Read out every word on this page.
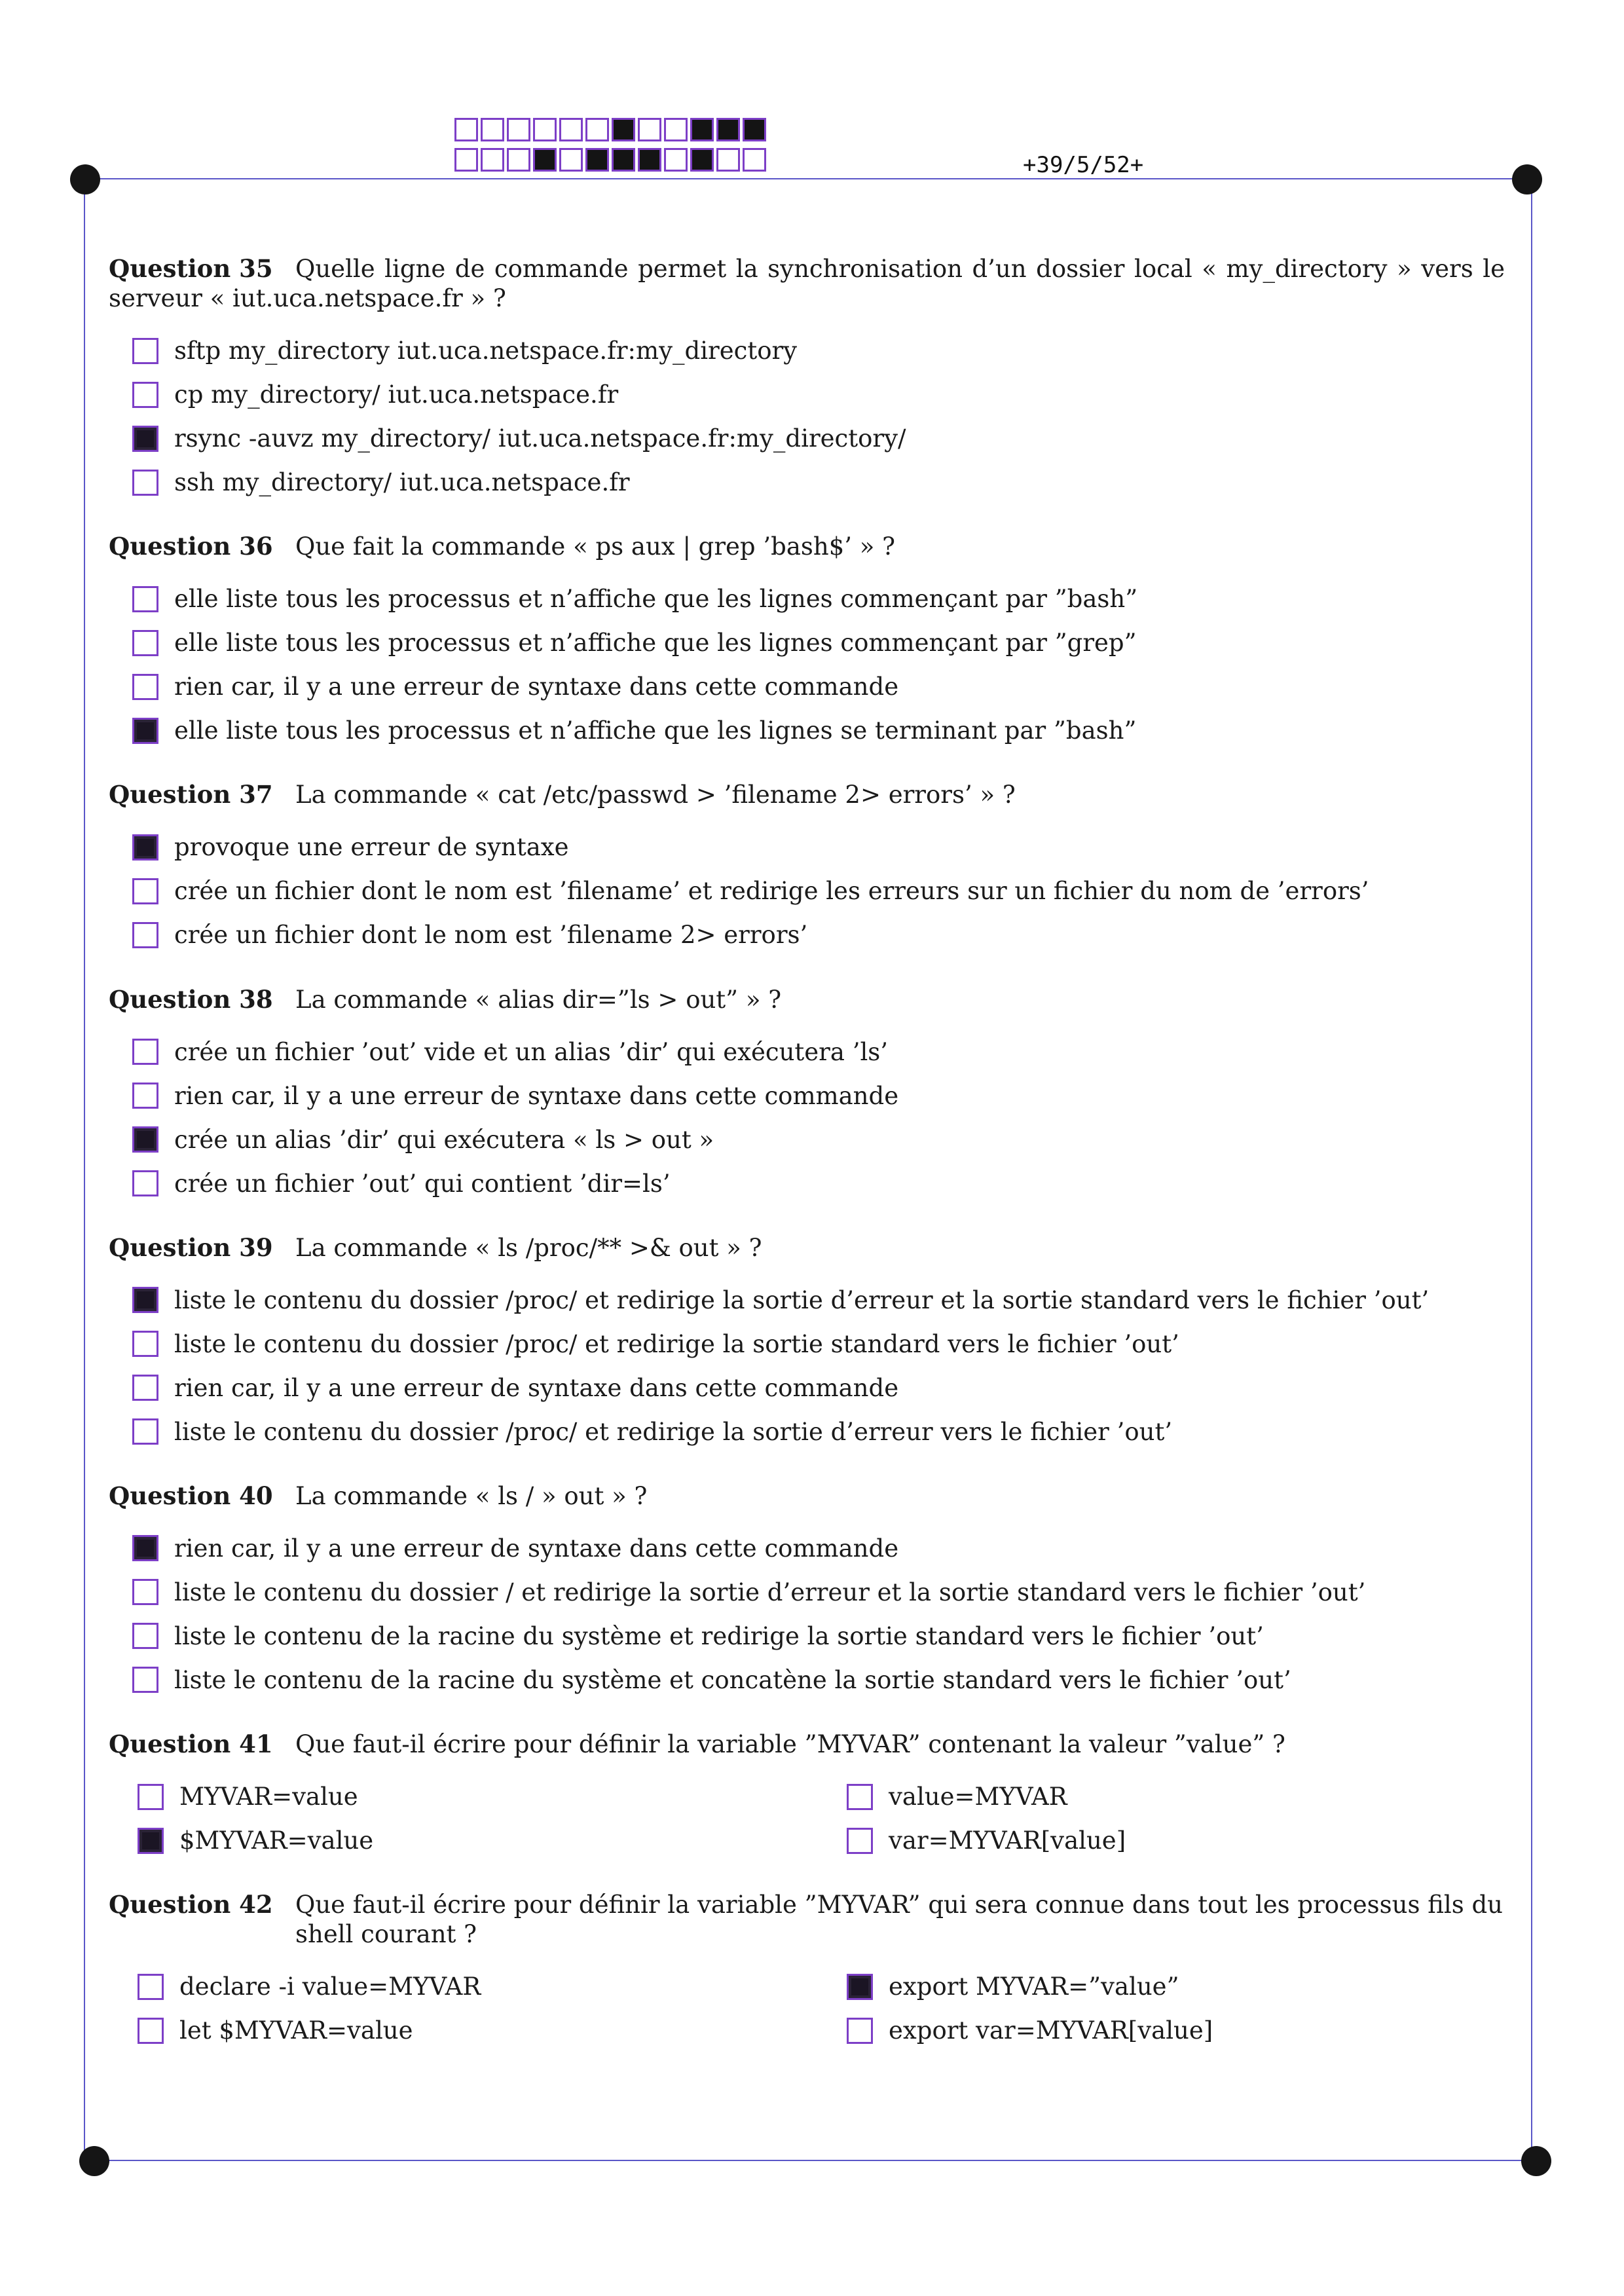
+39/5/52+
Question 35 Quelle ligne de commande permet la synchronisation d’un dossier local « my_directory » vers le serveur « iut.uca.netspace.fr » ?
sftp my_directory iut.uca.netspace.fr:my_directory
cp my_directory/ iut.uca.netspace.fr
rsync -auvz my_directory/ iut.uca.netspace.fr:my_directory/
ssh my_directory/ iut.uca.netspace.fr
Question 36 Que fait la commande « ps aux | grep ’bash$’ » ?
elle liste tous les processus et n’affiche que les lignes commençant par ”bash”
elle liste tous les processus et n’affiche que les lignes commençant par ”grep”
rien car, il y a une erreur de syntaxe dans cette commande
elle liste tous les processus et n’affiche que les lignes se terminant par ”bash”
Question 37 La commande « cat /etc/passwd > ’filename 2> errors’ » ?
provoque une erreur de syntaxe
crée un fichier dont le nom est ’filename’ et redirige les erreurs sur un fichier du nom de ’errors’
crée un fichier dont le nom est ’filename 2> errors’
Question 38 La commande « alias dir=”ls > out” » ?
crée un fichier ’out’ vide et un alias ’dir’ qui exécutera ’ls’
rien car, il y a une erreur de syntaxe dans cette commande
crée un alias ’dir’ qui exécutera « ls > out »
crée un fichier ’out’ qui contient ’dir=ls’
Question 39 La commande « ls /proc/** >& out » ?
liste le contenu du dossier /proc/ et redirige la sortie d’erreur et la sortie standard vers le fichier ’out’
liste le contenu du dossier /proc/ et redirige la sortie standard vers le fichier ’out’
rien car, il y a une erreur de syntaxe dans cette commande
liste le contenu du dossier /proc/ et redirige la sortie d’erreur vers le fichier ’out’
Question 40 La commande « ls / » out » ?
rien car, il y a une erreur de syntaxe dans cette commande
liste le contenu du dossier / et redirige la sortie d’erreur et la sortie standard vers le fichier ’out’
liste le contenu de la racine du système et redirige la sortie standard vers le fichier ’out’
liste le contenu de la racine du système et concatène la sortie standard vers le fichier ’out’
Question 41 Que faut-il écrire pour définir la variable ”MYVAR” contenant la valeur ”value” ?
MYVAR=value	value=MYVAR
$MYVAR=value	var=MYVAR[value]
Question 42 Que faut-il écrire pour définir la variable ”MYVAR” qui sera connue dans tout les processus fils du shell courant ?
declare -i value=MYVAR	export MYVAR=”value”
let $MYVAR=value	export var=MYVAR[value]
